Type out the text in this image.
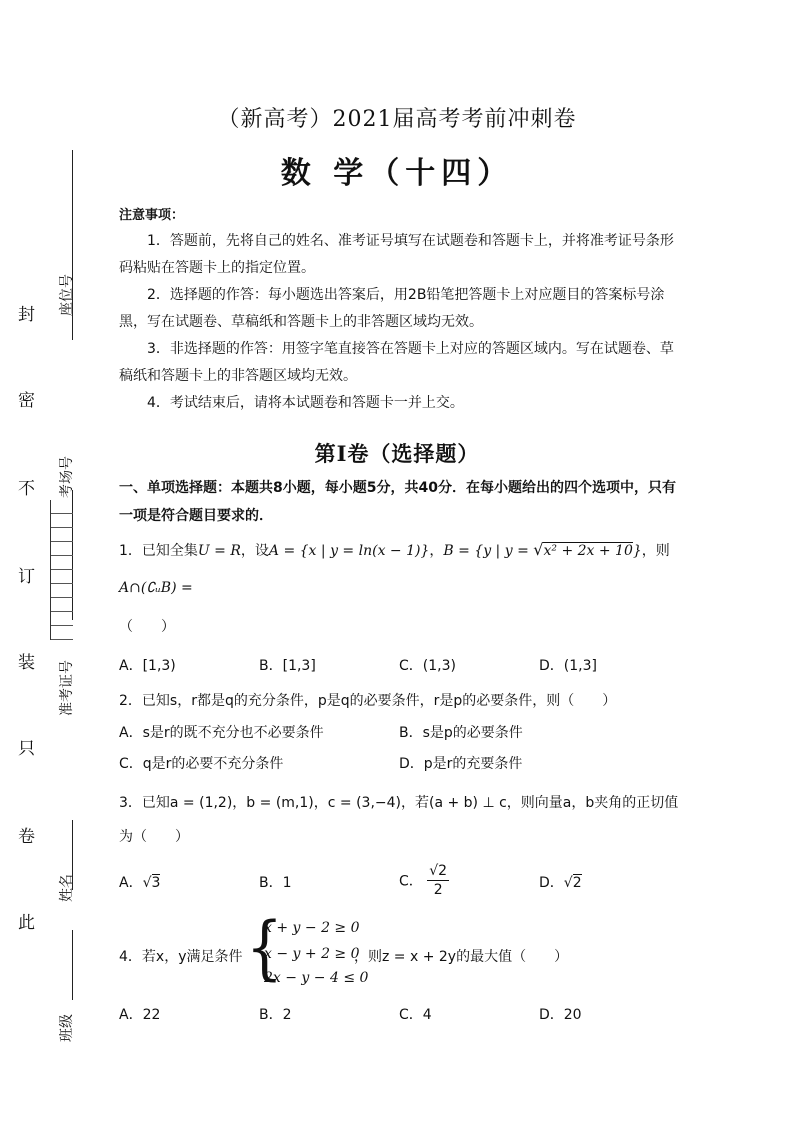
封
密
不
订
装
只
卷
此
座位号
考场号
准考证号
姓名
班级
（新高考）2021届高考考前冲刺卷
数 学（十四）
注意事项：
1．答题前，先将自己的姓名、准考证号填写在试题卷和答题卡上，并将准考证号条形码粘贴在答题卡上的指定位置。
2．选择题的作答：每小题选出答案后，用2B铅笔把答题卡上对应题目的答案标号涂黑，写在试题卷、草稿纸和答题卡上的非答题区域均无效。
3．非选择题的作答：用签字笔直接答在答题卡上对应的答题区域内。写在试题卷、草稿纸和答题卡上的非答题区域均无效。
4．考试结束后，请将本试题卷和答题卡一并上交。
第Ⅰ卷（选择题）
一、单项选择题：本题共8小题，每小题5分，共40分．在每小题给出的四个选项中，只有一项是符合题目要求的．
1．已知全集U = R，设A = {x | y = ln(x − 1)}，B = {y | y = √x² + 2x + 10}，则
A∩(∁ᵤB) =
（　　）
A．[1,3)	B．[1,3]	C．(1,3)	D．(1,3]
2．已知s，r都是q的充分条件，p是q的必要条件，r是p的必要条件，则（　　）
A．s是r的既不充分也不必要条件	B．s是p的必要条件
C．q是r的必要不充分条件	D．p是r的充要条件
3．已知a = (1,2)，b = (m,1)，c = (3,−4)，若(a + b) ⊥ c，则向量a，b夹角的正切值
为（　　）
A．√3	B．1	C． $\frac{√2}{2}$	D．√2
4．若x，y满足条件 {
x + y − 2 ≥ 0
x − y + 2 ≥ 0
2x − y − 4 ≤ 0
，则z = x + 2y的最大值（　　）
A．22	B．2	C．4	D．20
